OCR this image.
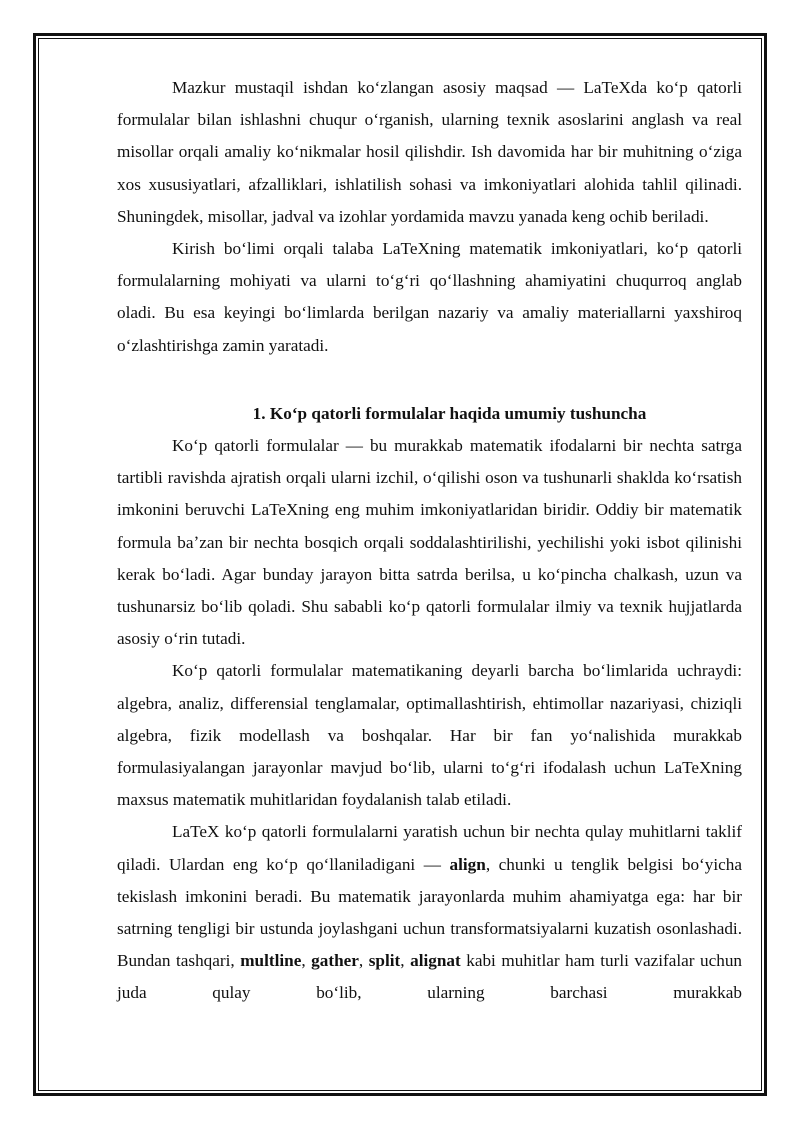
Mazkur mustaqil ishdan koʻzlangan asosiy maqsad — LaTeXda koʻp qatorli formulalar bilan ishlashni chuqur oʻrganish, ularning texnik asoslarini anglash va real misollar orqali amaliy koʻnikmalar hosil qilishdir. Ish davomida har bir muhitning oʻziga xos xususiyatlari, afzalliklari, ishlatilish sohasi va imkoniyatlari alohida tahlil qilinadi. Shuningdek, misollar, jadval va izohlar yordamida mavzu yanada keng ochib beriladi.

Kirish boʻlimi orqali talaba LaTeXning matematik imkoniyatlari, koʻp qatorli formulalarning mohiyati va ularni toʻgʻri qoʻllashning ahamiyatini chuqurroq anglab oladi. Bu esa keyingi boʻlimlarda berilgan nazariy va amaliy materiallarni yaxshiroq oʻzlashtirishga zamin yaratadi.

1. Koʻp qatorli formulalar haqida umumiy tushuncha

Koʻp qatorli formulalar — bu murakkab matematik ifodalarni bir nechta satrga tartibli ravishda ajratish orqali ularni izchil, oʻqilishi oson va tushunarli shaklda koʻrsatish imkonini beruvchi LaTeXning eng muhim imkoniyatlaridan biridir. Oddiy bir matematik formula baʼzan bir nechta bosqich orqali soddalashtirilishi, yechilishi yoki isbot qilinishi kerak boʻladi. Agar bunday jarayon bitta satrda berilsa, u koʻpincha chalkash, uzun va tushunarsiz boʻlib qoladi. Shu sababli koʻp qatorli formulalar ilmiy va texnik hujjatlarda asosiy oʻrin tutadi.

Koʻp qatorli formulalar matematikaning deyarli barcha boʻlimlarida uchraydi: algebra, analiz, differensial tenglamalar, optimallashtirish, ehtimollar nazariyasi, chiziqli algebra, fizik modellash va boshqalar. Har bir fan yoʻnalishida murakkab formulasiyalangan jarayonlar mavjud boʻlib, ularni toʻgʻri ifodalash uchun LaTeXning maxsus matematik muhitlaridan foydalanish talab etiladi.

LaTeX koʻp qatorli formulalarni yaratish uchun bir nechta qulay muhitlarni taklif qiladi. Ulardan eng koʻp qoʻllaniladigani — align, chunki u tenglik belgisi boʻyicha tekislash imkonini beradi. Bu matematik jarayonlarda muhim ahamiyatga ega: har bir satrning tengligi bir ustunda joylashgani uchun transformatsiyalarni kuzatish osonlashadi. Bundan tashqari, multline, gather, split, alignat kabi muhitlar ham turli vazifalar uchun juda qulay boʻlib, ularning barchasi murakkab
